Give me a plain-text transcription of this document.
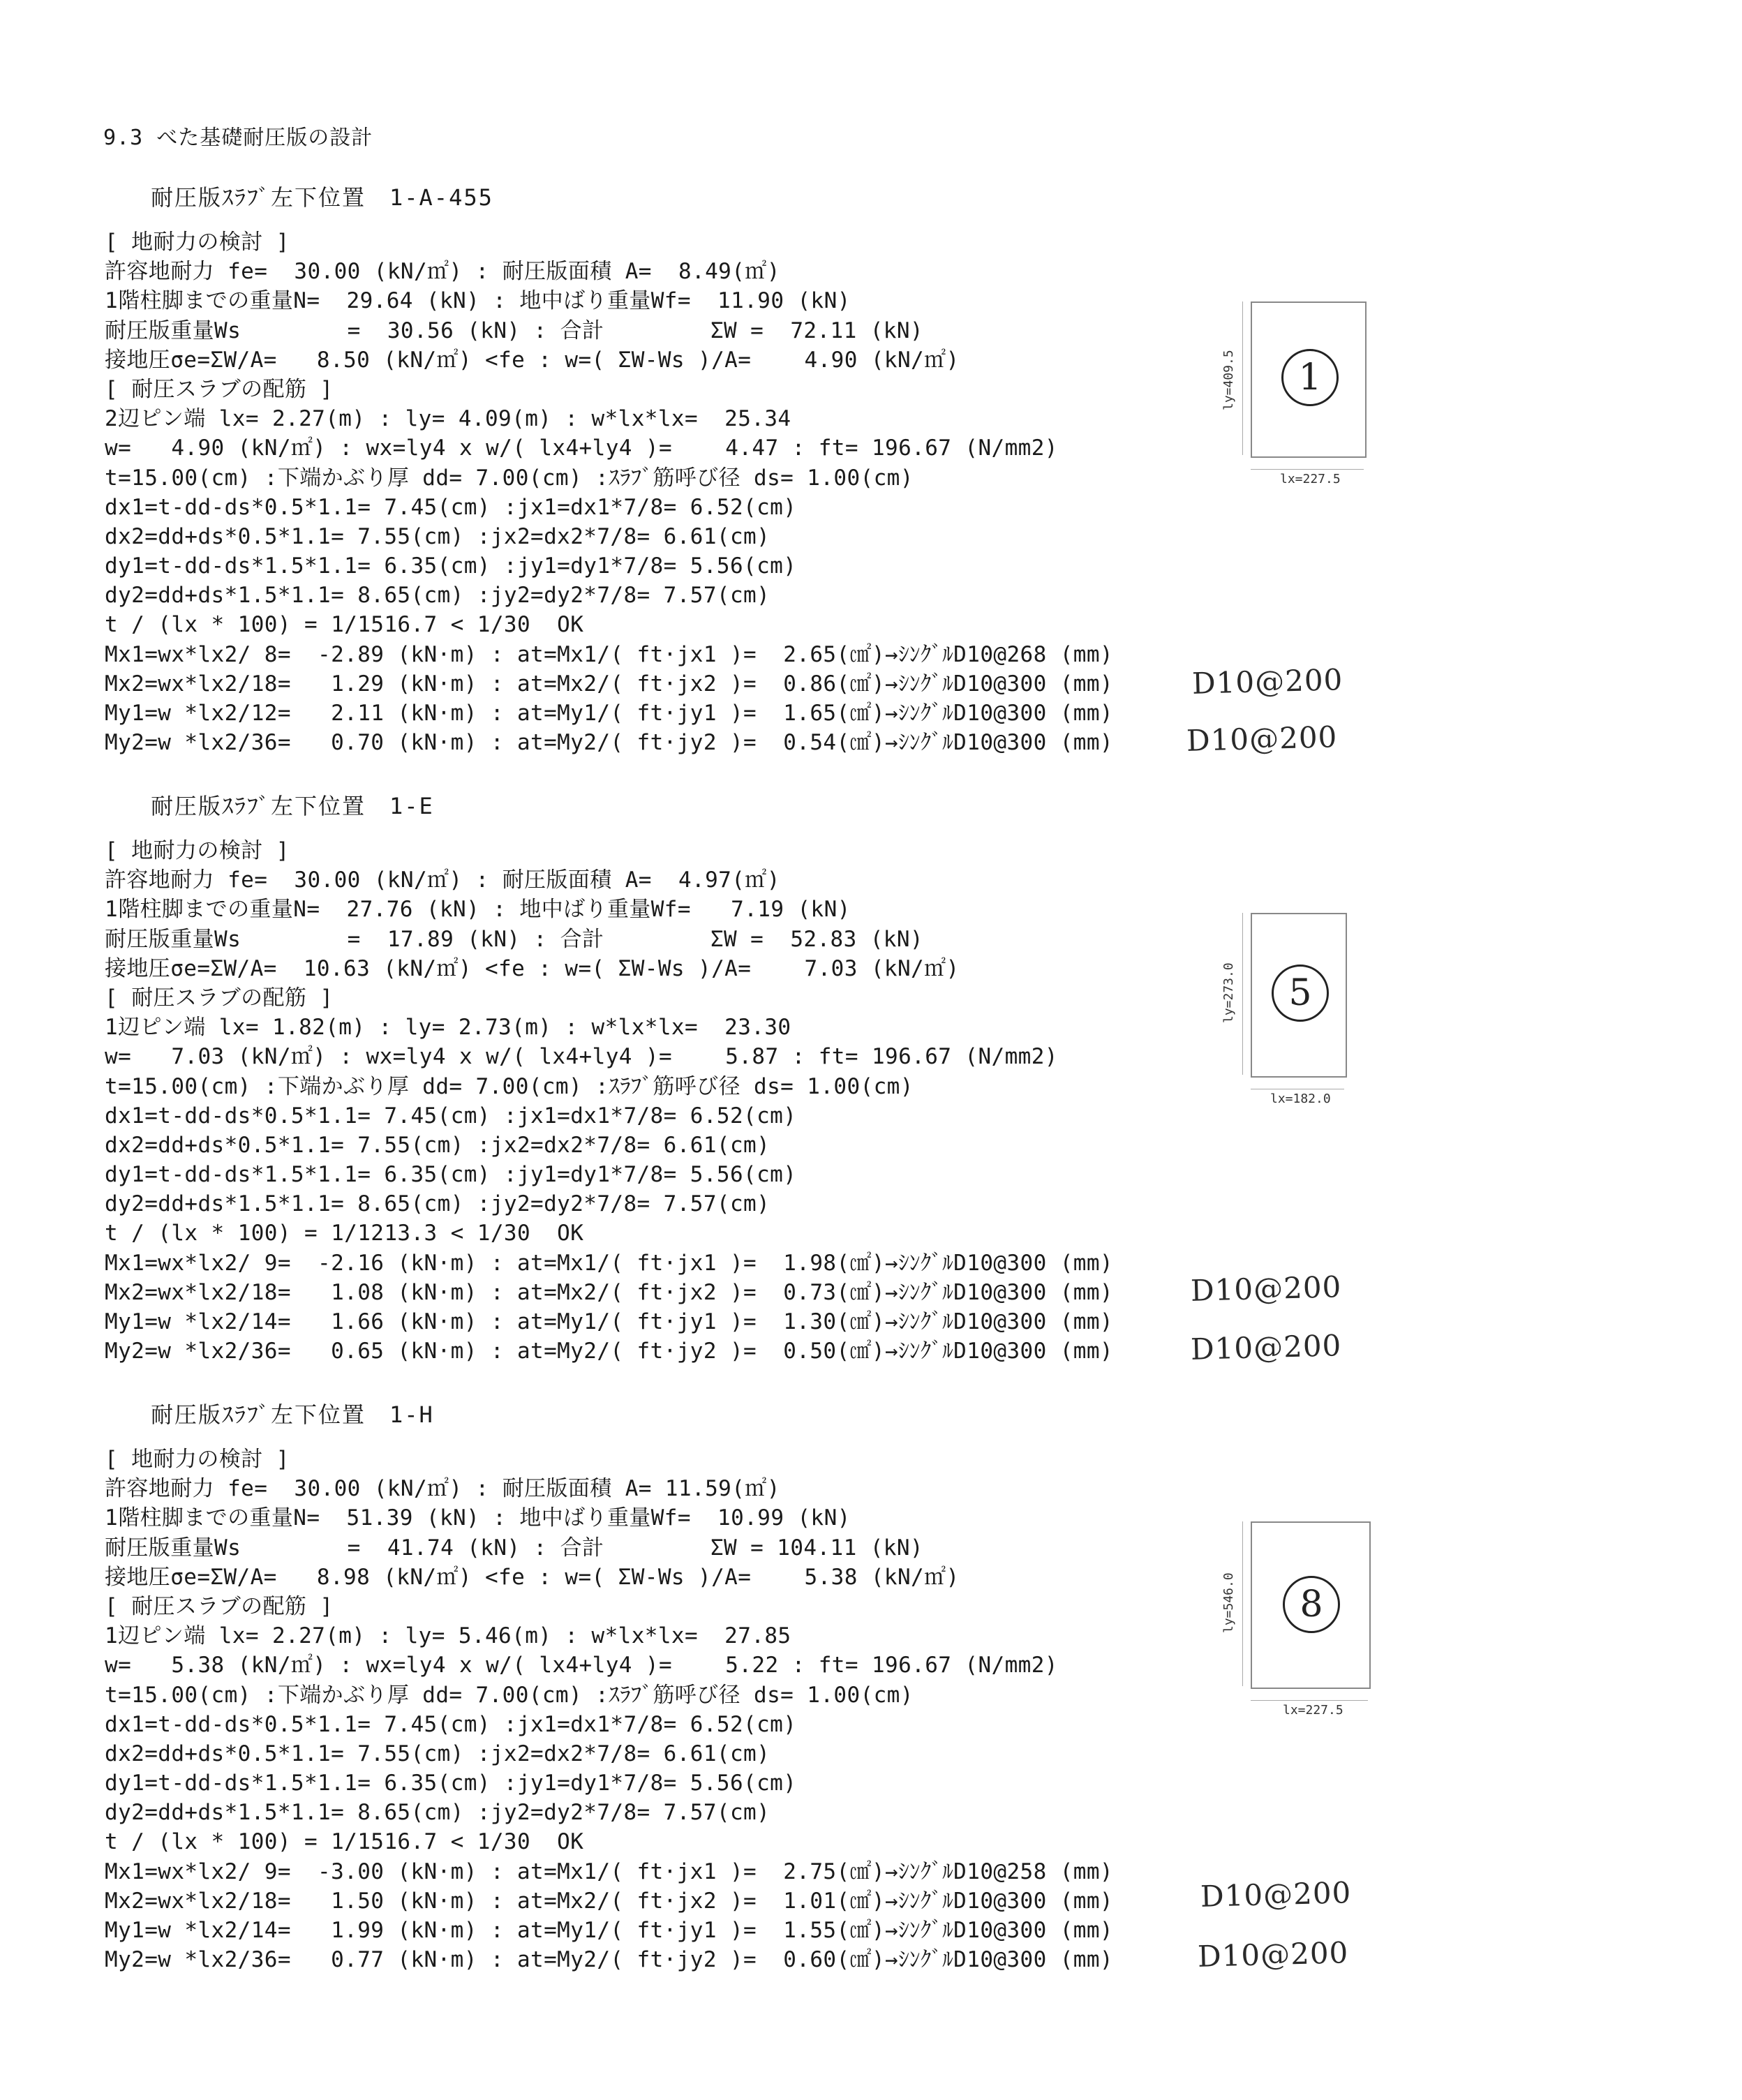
9.3 べた基礎耐圧版の設計
耐圧版ｽﾗﾌﾞ左下位置　1-A-455
[ 地耐力の検討 ]
許容地耐力 fe=  30.00 (kN/㎡) : 耐圧版面積 A=  8.49(㎡)
1階柱脚までの重量N=  29.64 (kN) : 地中ばり重量Wf=  11.90 (kN)
耐圧版重量Ws        =  30.56 (kN) : 合計        ΣW =  72.11 (kN)
接地圧σe=ΣW/A=   8.50 (kN/㎡) <fe : w=( ΣW-Ws )/A=    4.90 (kN/㎡)
[ 耐圧スラブの配筋 ]
2辺ピン端 lx= 2.27(m) : ly= 4.09(m) : w*lx*lx=  25.34
w=   4.90 (kN/㎡) : wx=ly4 x w/( lx4+ly4 )=    4.47 : ft= 196.67 (N/mm2)
t=15.00(cm) :下端かぶり厚 dd= 7.00(cm) :ｽﾗﾌﾞ筋呼び径 ds= 1.00(cm)
dx1=t-dd-ds*0.5*1.1= 7.45(cm) :jx1=dx1*7/8= 6.52(cm)
dx2=dd+ds*0.5*1.1= 7.55(cm) :jx2=dx2*7/8= 6.61(cm)
dy1=t-dd-ds*1.5*1.1= 6.35(cm) :jy1=dy1*7/8= 5.56(cm)
dy2=dd+ds*1.5*1.1= 8.65(cm) :jy2=dy2*7/8= 7.57(cm)
t / (lx * 100) = 1/1516.7 < 1/30  OK
Mx1=wx*lx2/ 8=  -2.89 (kN·m) : at=Mx1/( ft·jx1 )=  2.65(㎠)→ｼﾝｸﾞﾙD10@268 (mm)
Mx2=wx*lx2/18=   1.29 (kN·m) : at=Mx2/( ft·jx2 )=  0.86(㎠)→ｼﾝｸﾞﾙD10@300 (mm)
My1=w *lx2/12=   2.11 (kN·m) : at=My1/( ft·jy1 )=  1.65(㎠)→ｼﾝｸﾞﾙD10@300 (mm)
My2=w *lx2/36=   0.70 (kN·m) : at=My2/( ft·jy2 )=  0.54(㎠)→ｼﾝｸﾞﾙD10@300 (mm)
ly=409.5
lx=227.5
1
D10@200
D10@200
耐圧版ｽﾗﾌﾞ左下位置　1-E
[ 地耐力の検討 ]
許容地耐力 fe=  30.00 (kN/㎡) : 耐圧版面積 A=  4.97(㎡)
1階柱脚までの重量N=  27.76 (kN) : 地中ばり重量Wf=   7.19 (kN)
耐圧版重量Ws        =  17.89 (kN) : 合計        ΣW =  52.83 (kN)
接地圧σe=ΣW/A=  10.63 (kN/㎡) <fe : w=( ΣW-Ws )/A=    7.03 (kN/㎡)
[ 耐圧スラブの配筋 ]
1辺ピン端 lx= 1.82(m) : ly= 2.73(m) : w*lx*lx=  23.30
w=   7.03 (kN/㎡) : wx=ly4 x w/( lx4+ly4 )=    5.87 : ft= 196.67 (N/mm2)
t=15.00(cm) :下端かぶり厚 dd= 7.00(cm) :ｽﾗﾌﾞ筋呼び径 ds= 1.00(cm)
dx1=t-dd-ds*0.5*1.1= 7.45(cm) :jx1=dx1*7/8= 6.52(cm)
dx2=dd+ds*0.5*1.1= 7.55(cm) :jx2=dx2*7/8= 6.61(cm)
dy1=t-dd-ds*1.5*1.1= 6.35(cm) :jy1=dy1*7/8= 5.56(cm)
dy2=dd+ds*1.5*1.1= 8.65(cm) :jy2=dy2*7/8= 7.57(cm)
t / (lx * 100) = 1/1213.3 < 1/30  OK
Mx1=wx*lx2/ 9=  -2.16 (kN·m) : at=Mx1/( ft·jx1 )=  1.98(㎠)→ｼﾝｸﾞﾙD10@300 (mm)
Mx2=wx*lx2/18=   1.08 (kN·m) : at=Mx2/( ft·jx2 )=  0.73(㎠)→ｼﾝｸﾞﾙD10@300 (mm)
My1=w *lx2/14=   1.66 (kN·m) : at=My1/( ft·jy1 )=  1.30(㎠)→ｼﾝｸﾞﾙD10@300 (mm)
My2=w *lx2/36=   0.65 (kN·m) : at=My2/( ft·jy2 )=  0.50(㎠)→ｼﾝｸﾞﾙD10@300 (mm)
ly=273.0
lx=182.0
5
D10@200
D10@200
耐圧版ｽﾗﾌﾞ左下位置　1-H
[ 地耐力の検討 ]
許容地耐力 fe=  30.00 (kN/㎡) : 耐圧版面積 A= 11.59(㎡)
1階柱脚までの重量N=  51.39 (kN) : 地中ばり重量Wf=  10.99 (kN)
耐圧版重量Ws        =  41.74 (kN) : 合計        ΣW = 104.11 (kN)
接地圧σe=ΣW/A=   8.98 (kN/㎡) <fe : w=( ΣW-Ws )/A=    5.38 (kN/㎡)
[ 耐圧スラブの配筋 ]
1辺ピン端 lx= 2.27(m) : ly= 5.46(m) : w*lx*lx=  27.85
w=   5.38 (kN/㎡) : wx=ly4 x w/( lx4+ly4 )=    5.22 : ft= 196.67 (N/mm2)
t=15.00(cm) :下端かぶり厚 dd= 7.00(cm) :ｽﾗﾌﾞ筋呼び径 ds= 1.00(cm)
dx1=t-dd-ds*0.5*1.1= 7.45(cm) :jx1=dx1*7/8= 6.52(cm)
dx2=dd+ds*0.5*1.1= 7.55(cm) :jx2=dx2*7/8= 6.61(cm)
dy1=t-dd-ds*1.5*1.1= 6.35(cm) :jy1=dy1*7/8= 5.56(cm)
dy2=dd+ds*1.5*1.1= 8.65(cm) :jy2=dy2*7/8= 7.57(cm)
t / (lx * 100) = 1/1516.7 < 1/30  OK
Mx1=wx*lx2/ 9=  -3.00 (kN·m) : at=Mx1/( ft·jx1 )=  2.75(㎠)→ｼﾝｸﾞﾙD10@258 (mm)
Mx2=wx*lx2/18=   1.50 (kN·m) : at=Mx2/( ft·jx2 )=  1.01(㎠)→ｼﾝｸﾞﾙD10@300 (mm)
My1=w *lx2/14=   1.99 (kN·m) : at=My1/( ft·jy1 )=  1.55(㎠)→ｼﾝｸﾞﾙD10@300 (mm)
My2=w *lx2/36=   0.77 (kN·m) : at=My2/( ft·jy2 )=  0.60(㎠)→ｼﾝｸﾞﾙD10@300 (mm)
ly=546.0
lx=227.5
8
D10@200
D10@200
